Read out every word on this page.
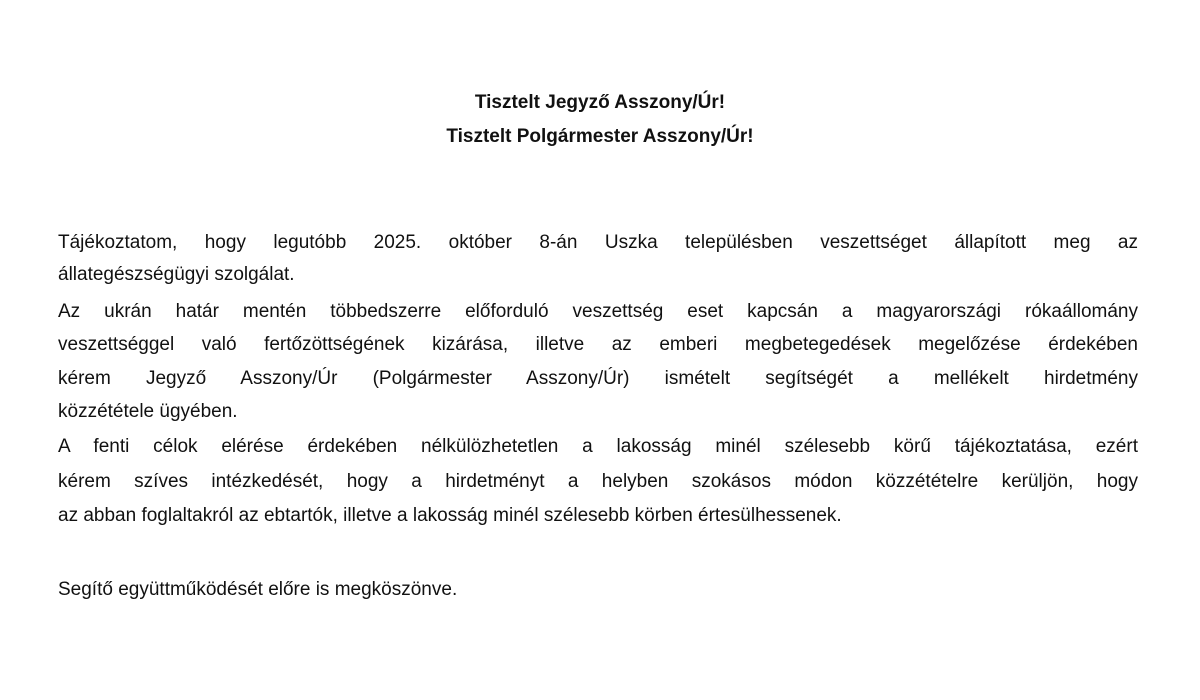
Tisztelt Jegyző Asszony/Úr!
Tisztelt Polgármester Asszony/Úr!
Tájékoztatom, hogy legutóbb 2025. október 8-án Uszka településben veszettséget állapított meg az
állategészségügyi szolgálat.
Az ukrán határ mentén többedszerre előforduló veszettség eset kapcsán a magyarországi rókaállomány
veszettséggel való fertőzöttségének kizárása, illetve az emberi megbetegedések megelőzése érdekében
kérem Jegyző Asszony/Úr (Polgármester Asszony/Úr) ismételt segítségét a mellékelt hirdetmény
közzététele ügyében.
A fenti célok elérése érdekében nélkülözhetetlen a lakosság minél szélesebb körű tájékoztatása, ezért
kérem szíves intézkedését, hogy a hirdetményt a helyben szokásos módon közzétételre kerüljön, hogy
az abban foglaltakról az ebtartók, illetve a lakosság minél szélesebb körben értesülhessenek.
Segítő együttműködését előre is megköszönve.
